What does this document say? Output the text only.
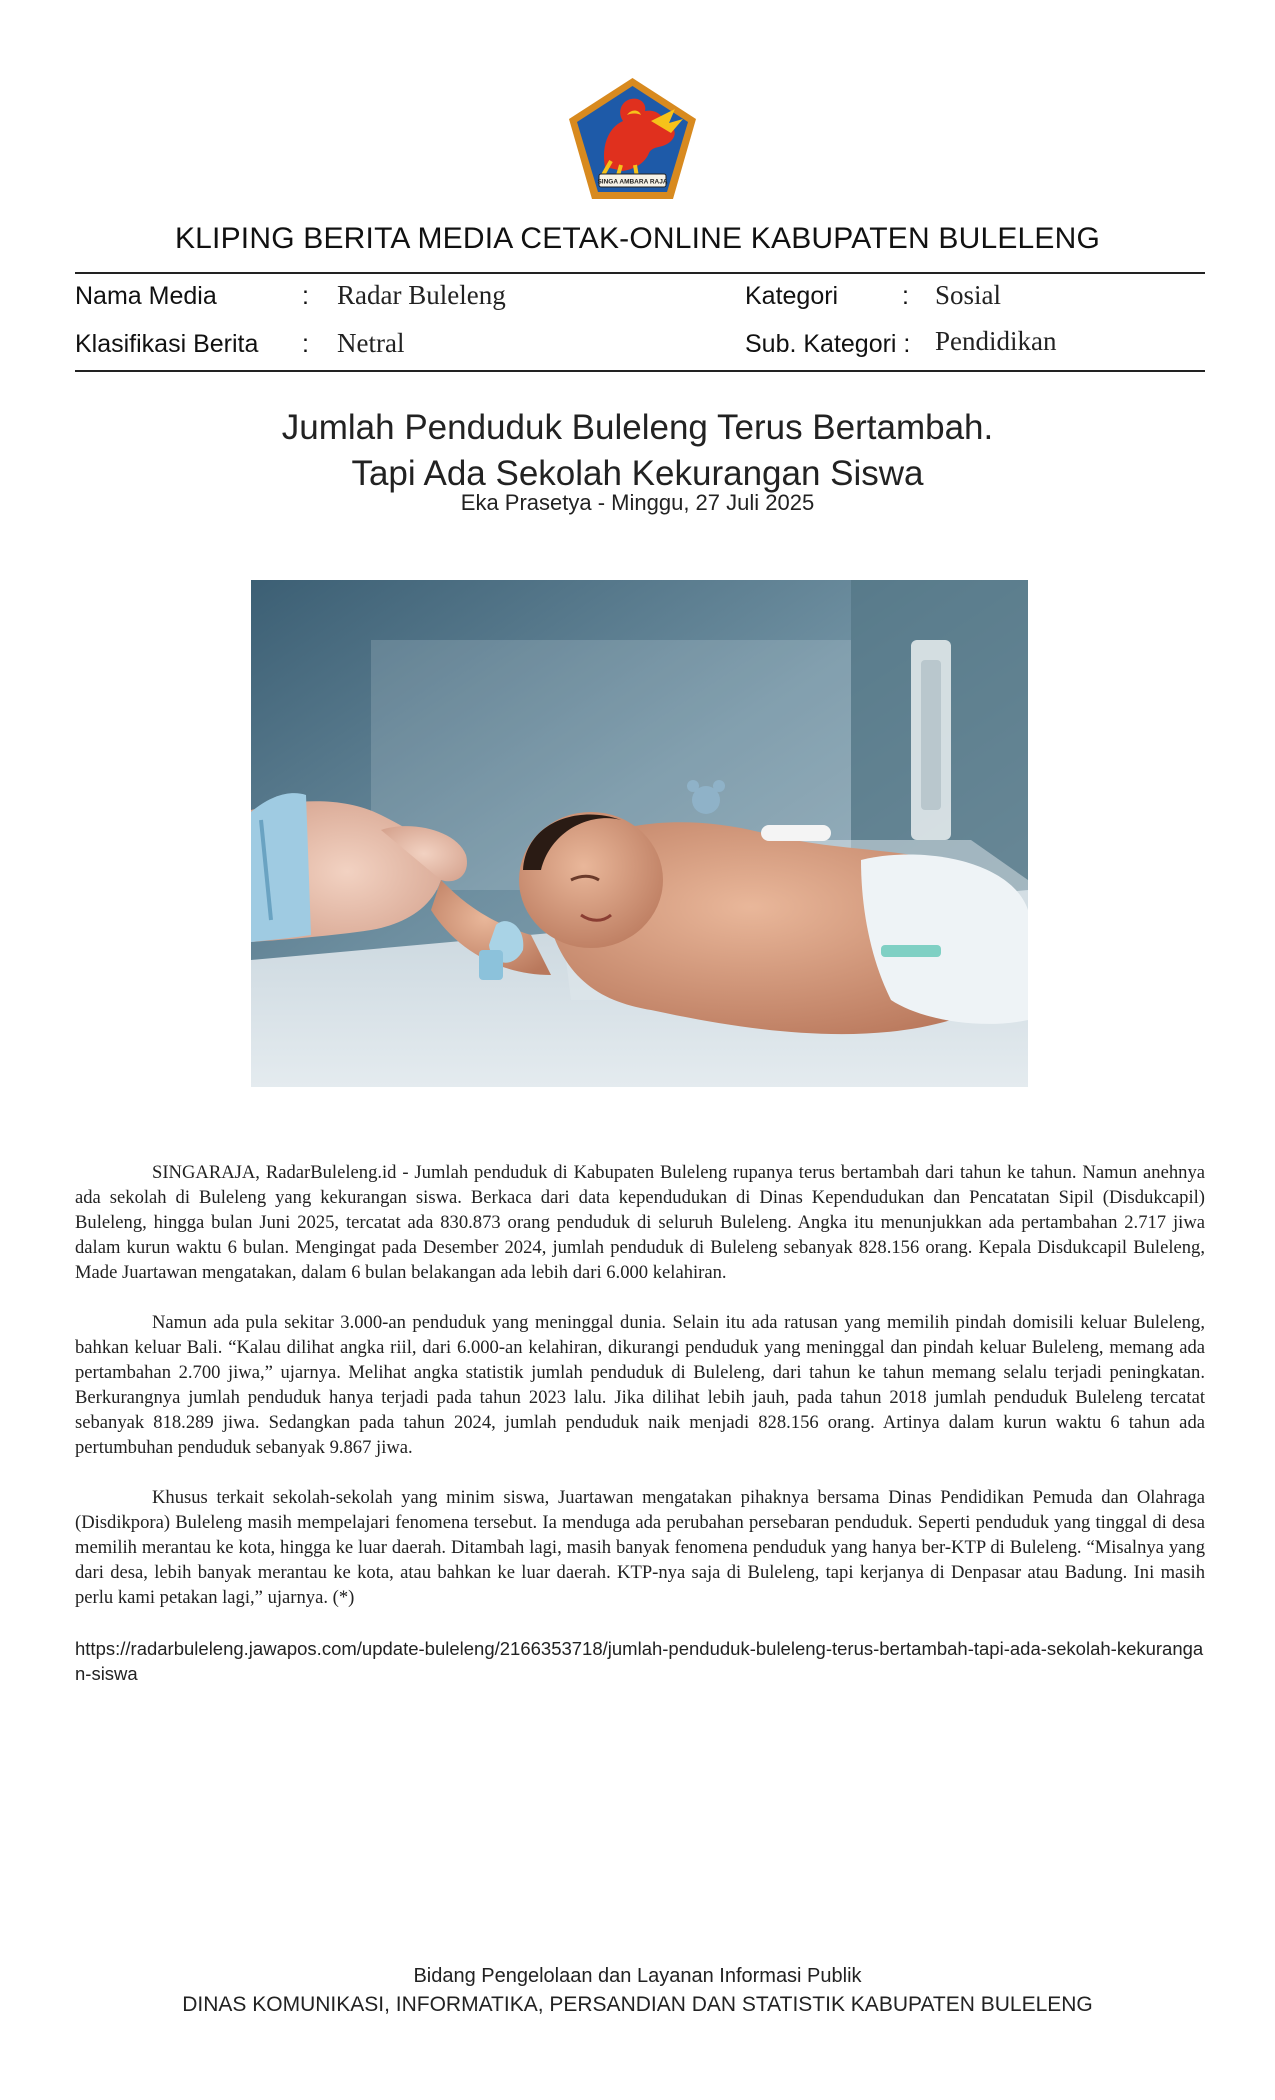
SINGA AMBARA RAJA
KLIPING BERITA MEDIA CETAK-ONLINE KABUPATEN BULELENG
Nama Media	: Radar Buleleng	Kategori	: Sosial
Klasifikasi Berita : Netral	Sub. Kategori : Pendidikan
Jumlah Penduduk Buleleng Terus Bertambah.
Tapi Ada Sekolah Kekurangan Siswa
Eka Prasetya - Minggu, 27 Juli 2025

SINGARAJA, RadarBuleleng.id - Jumlah penduduk di Kabupaten Buleleng rupanya terus bertambah dari tahun ke tahun. Namun anehnya ada sekolah di Buleleng yang kekurangan siswa. Berkaca dari data kependudukan di Dinas Kependudukan dan Pencatatan Sipil (Disdukcapil) Buleleng, hingga bulan Juni 2025, tercatat ada 830.873 orang penduduk di seluruh Buleleng. Angka itu menunjukkan ada pertambahan 2.717 jiwa dalam kurun waktu 6 bulan. Mengingat pada Desember 2024, jumlah penduduk di Buleleng sebanyak 828.156 orang. Kepala Disdukcapil Buleleng, Made Juartawan mengatakan, dalam 6 bulan belakangan ada lebih dari 6.000 kelahiran.

Namun ada pula sekitar 3.000-an penduduk yang meninggal dunia. Selain itu ada ratusan yang memilih pindah domisili keluar Buleleng, bahkan keluar Bali. “Kalau dilihat angka riil, dari 6.000-an kelahiran, dikurangi penduduk yang meninggal dan pindah keluar Buleleng, memang ada pertambahan 2.700 jiwa,” ujarnya. Melihat angka statistik jumlah penduduk di Buleleng, dari tahun ke tahun memang selalu terjadi peningkatan. Berkurangnya jumlah penduduk hanya terjadi pada tahun 2023 lalu. Jika dilihat lebih jauh, pada tahun 2018 jumlah penduduk Buleleng tercatat sebanyak 818.289 jiwa. Sedangkan pada tahun 2024, jumlah penduduk naik menjadi 828.156 orang. Artinya dalam kurun waktu 6 tahun ada pertumbuhan penduduk sebanyak 9.867 jiwa.

Khusus terkait sekolah-sekolah yang minim siswa, Juartawan mengatakan pihaknya bersama Dinas Pendidikan Pemuda dan Olahraga (Disdikpora) Buleleng masih mempelajari fenomena tersebut. Ia menduga ada perubahan persebaran penduduk. Seperti penduduk yang tinggal di desa memilih merantau ke kota, hingga ke luar daerah. Ditambah lagi, masih banyak fenomena penduduk yang hanya ber-KTP di Buleleng. “Misalnya yang dari desa, lebih banyak merantau ke kota, atau bahkan ke luar daerah. KTP-nya saja di Buleleng, tapi kerjanya di Denpasar atau Badung. Ini masih perlu kami petakan lagi,” ujarnya. (*)

https://radarbuleleng.jawapos.com/update-buleleng/2166353718/jumlah-penduduk-buleleng-terus-bertambah-tapi-ada-sekolah-kekurangan-siswa
Bidang Pengelolaan dan Layanan Informasi Publik
DINAS KOMUNIKASI, INFORMATIKA, PERSANDIAN DAN STATISTIK KABUPATEN BULELENG
